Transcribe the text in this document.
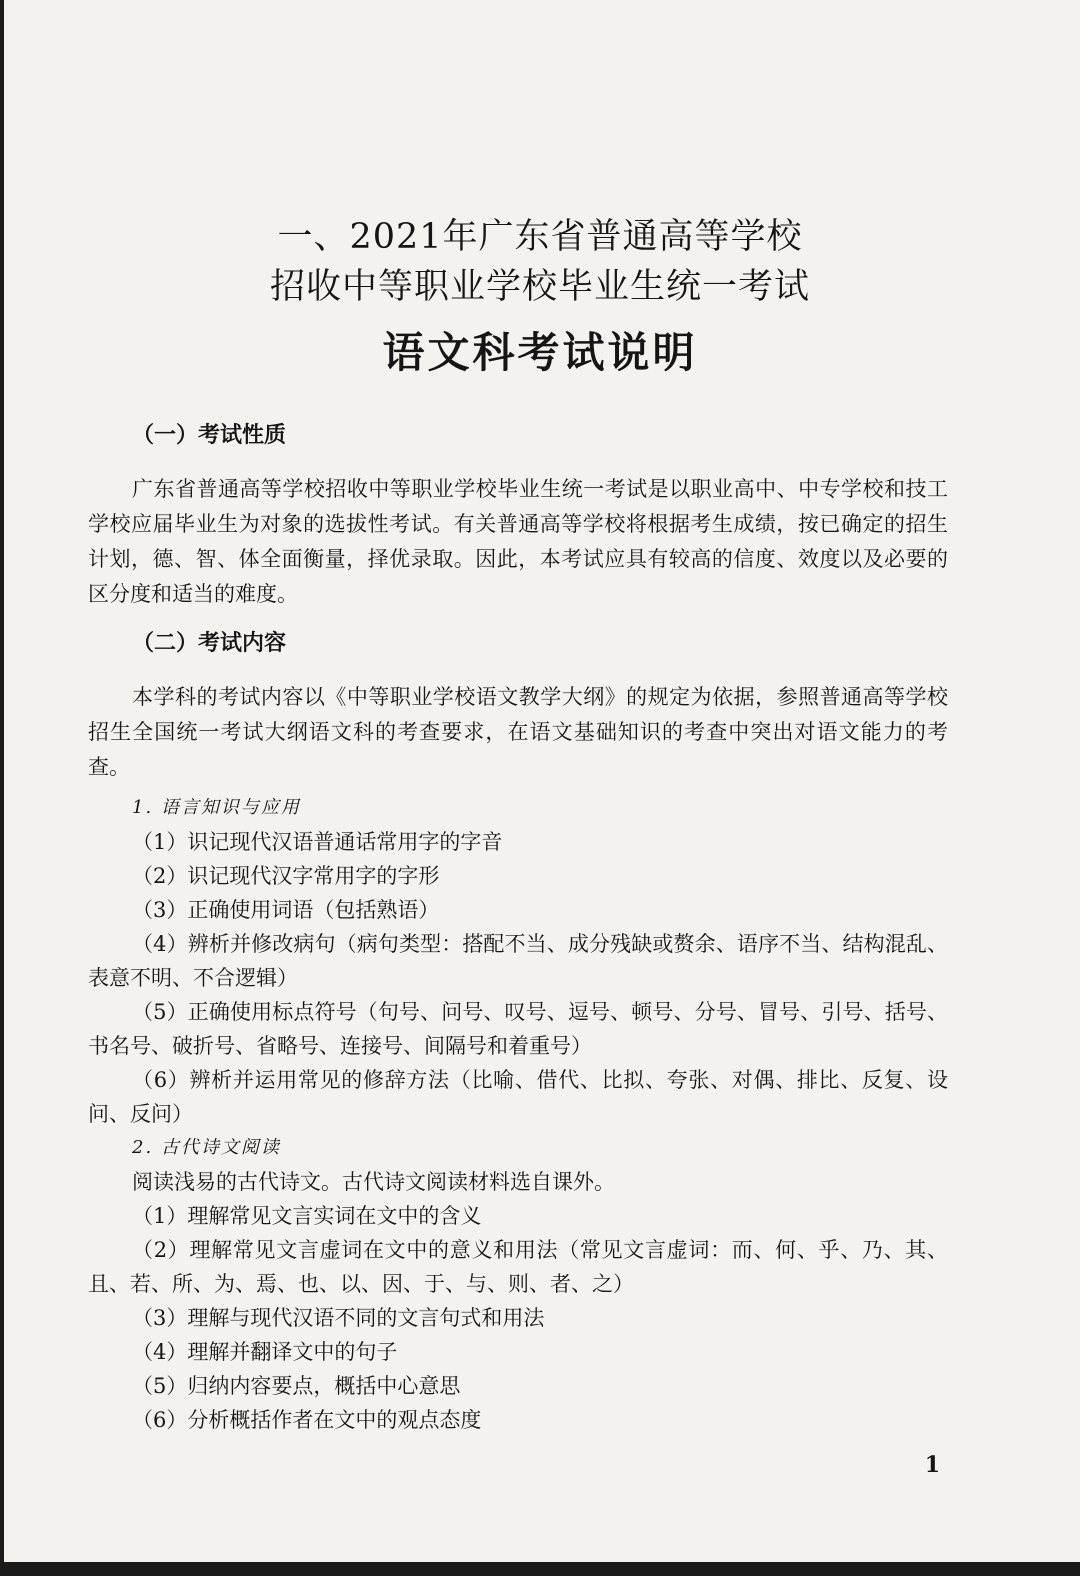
一、2021年广东省普通高等学校
招收中等职业学校毕业生统一考试
语文科考试说明
（一）考试性质
广东省普通高等学校招收中等职业学校毕业生统一考试是以职业高中、中专学校和技工学校应届毕业生为对象的选拔性考试。有关普通高等学校将根据考生成绩，按已确定的招生计划，德、智、体全面衡量，择优录取。因此，本考试应具有较高的信度、效度以及必要的区分度和适当的难度。
（二）考试内容
本学科的考试内容以《中等职业学校语文教学大纲》的规定为依据，参照普通高等学校招生全国统一考试大纲语文科的考查要求，在语文基础知识的考查中突出对语文能力的考查。
1. 语言知识与应用
（1）识记现代汉语普通话常用字的字音
（2）识记现代汉字常用字的字形
（3）正确使用词语（包括熟语）
（4）辨析并修改病句（病句类型：搭配不当、成分残缺或赘余、语序不当、结构混乱、表意不明、不合逻辑）
（5）正确使用标点符号（句号、问号、叹号、逗号、顿号、分号、冒号、引号、括号、书名号、破折号、省略号、连接号、间隔号和着重号）
（6）辨析并运用常见的修辞方法（比喻、借代、比拟、夸张、对偶、排比、反复、设问、反问）
2. 古代诗文阅读
阅读浅易的古代诗文。古代诗文阅读材料选自课外。
（1）理解常见文言实词在文中的含义
（2）理解常见文言虚词在文中的意义和用法（常见文言虚词：而、何、乎、乃、其、且、若、所、为、焉、也、以、因、于、与、则、者、之）
（3）理解与现代汉语不同的文言句式和用法
（4）理解并翻译文中的句子
（5）归纳内容要点，概括中心意思
（6）分析概括作者在文中的观点态度
1
